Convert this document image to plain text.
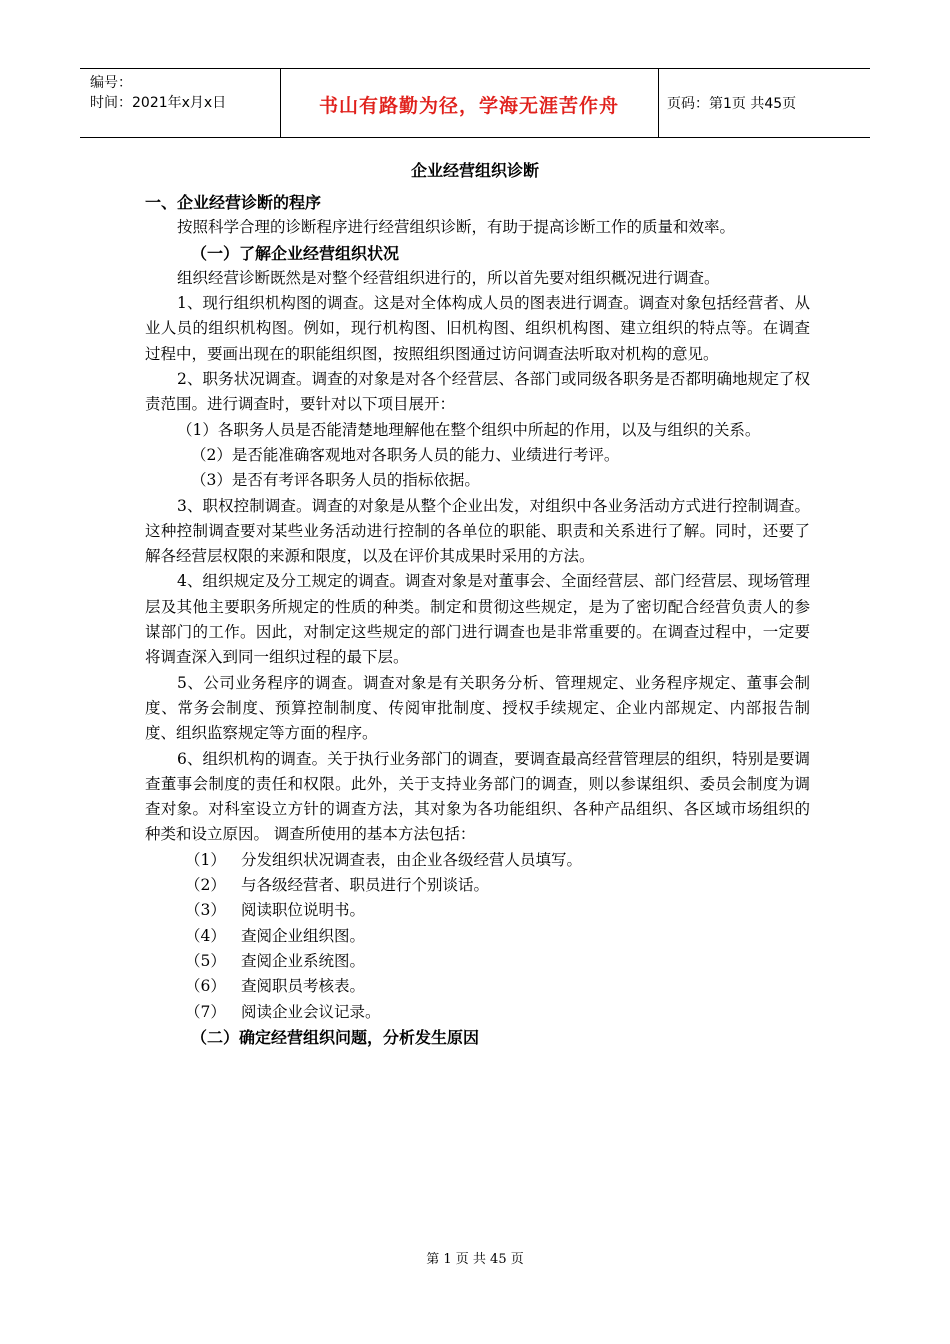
编号：
时间：2021年x月x日	书山有路勤为径，学海无涯苦作舟	页码：第1页 共45页
企业经营组织诊断

一、企业经营诊断的程序

按照科学合理的诊断程序进行经营组织诊断，有助于提高诊断工作的质量和效率。

（一）了解企业经营组织状况

组织经营诊断既然是对整个经营组织进行的，所以首先要对组织概况进行调查。

1、现行组织机构图的调查。这是对全体构成人员的图表进行调查。调查对象包括经营者、从业人员的组织机构图。例如，现行机构图、旧机构图、组织机构图、建立组织的特点等。在调查过程中，要画出现在的职能组织图，按照组织图通过访问调查法听取对机构的意见。

2、职务状况调查。调查的对象是对各个经营层、各部门或同级各职务是否都明确地规定了权责范围。进行调查时，要针对以下项目展开：

（1）各职务人员是否能清楚地理解他在整个组织中所起的作用，以及与组织的关系。

（2）是否能准确客观地对各职务人员的能力、业绩进行考评。

（3）是否有考评各职务人员的指标依据。

3、职权控制调查。调查的对象是从整个企业出发，对组织中各业务活动方式进行控制调查。这种控制调查要对某些业务活动进行控制的各单位的职能、职责和关系进行了解。同时，还要了解各经营层权限的来源和限度，以及在评价其成果时采用的方法。

4、组织规定及分工规定的调查。调查对象是对董事会、全面经营层、部门经营层、现场管理层及其他主要职务所规定的性质的种类。制定和贯彻这些规定，是为了密切配合经营负责人的参谋部门的工作。因此，对制定这些规定的部门进行调查也是非常重要的。在调查过程中，一定要将调查深入到同一组织过程的最下层。

5、公司业务程序的调查。调查对象是有关职务分析、管理规定、业务程序规定、董事会制度、常务会制度、预算控制制度、传阅审批制度、授权手续规定、企业内部规定、内部报告制度、组织监察规定等方面的程序。

6、组织机构的调查。关于执行业务部门的调查，要调查最高经营管理层的组织，特别是要调查董事会制度的责任和权限。此外，关于支持业务部门的调查，则以参谋组织、委员会制度为调查对象。对科室设立方针的调查方法，其对象为各功能组织、各种产品组织、各区域市场组织的种类和设立原因。 调查所使用的基本方法包括：

（1） 分发组织状况调查表，由企业各级经营人员填写。
（2） 与各级经营者、职员进行个别谈话。
（3） 阅读职位说明书。
（4） 查阅企业组织图。
（5） 查阅企业系统图。
（6） 查阅职员考核表。
（7） 阅读企业会议记录。

（二）确定经营组织问题，分析发生原因

第 1 页 共 45 页
